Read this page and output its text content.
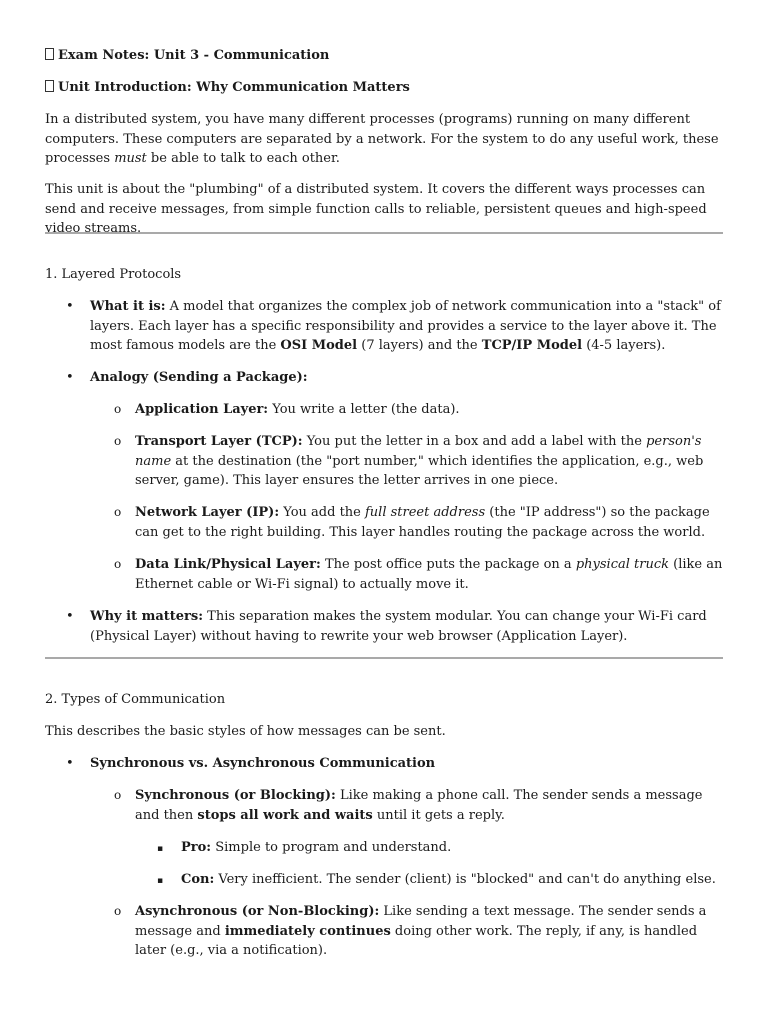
Exam Notes: Unit 3 - Communication

Unit Introduction: Why Communication Matters

In a distributed system, you have many different processes (programs) running on many different computers. These computers are separated by a network. For the system to do any useful work, these processes must be able to talk to each other.

This unit is about the "plumbing" of a distributed system. It covers the different ways processes can send and receive messages, from simple function calls to reliable, persistent queues and high-speed video streams.

1. Layered Protocols

• What it is: A model that organizes the complex job of network communication into a "stack" of layers. Each layer has a specific responsibility and provides a service to the layer above it. The most famous models are the OSI Model (7 layers) and the TCP/IP Model (4-5 layers).

• Analogy (Sending a Package):

o Application Layer: You write a letter (the data).

o Transport Layer (TCP): You put the letter in a box and add a label with the person's name at the destination (the "port number," which identifies the application, e.g., web server, game). This layer ensures the letter arrives in one piece.

o Network Layer (IP): You add the full street address (the "IP address") so the package can get to the right building. This layer handles routing the package across the world.

o Data Link/Physical Layer: The post office puts the package on a physical truck (like an Ethernet cable or Wi-Fi signal) to actually move it.

• Why it matters: This separation makes the system modular. You can change your Wi-Fi card (Physical Layer) without having to rewrite your web browser (Application Layer).

2. Types of Communication

This describes the basic styles of how messages can be sent.

• Synchronous vs. Asynchronous Communication

o Synchronous (or Blocking): Like making a phone call. The sender sends a message and then stops all work and waits until it gets a reply.

▪ Pro: Simple to program and understand.

▪ Con: Very inefficient. The sender (client) is "blocked" and can't do anything else.

o Asynchronous (or Non-Blocking): Like sending a text message. The sender sends a message and immediately continues doing other work. The reply, if any, is handled later (e.g., via a notification).
